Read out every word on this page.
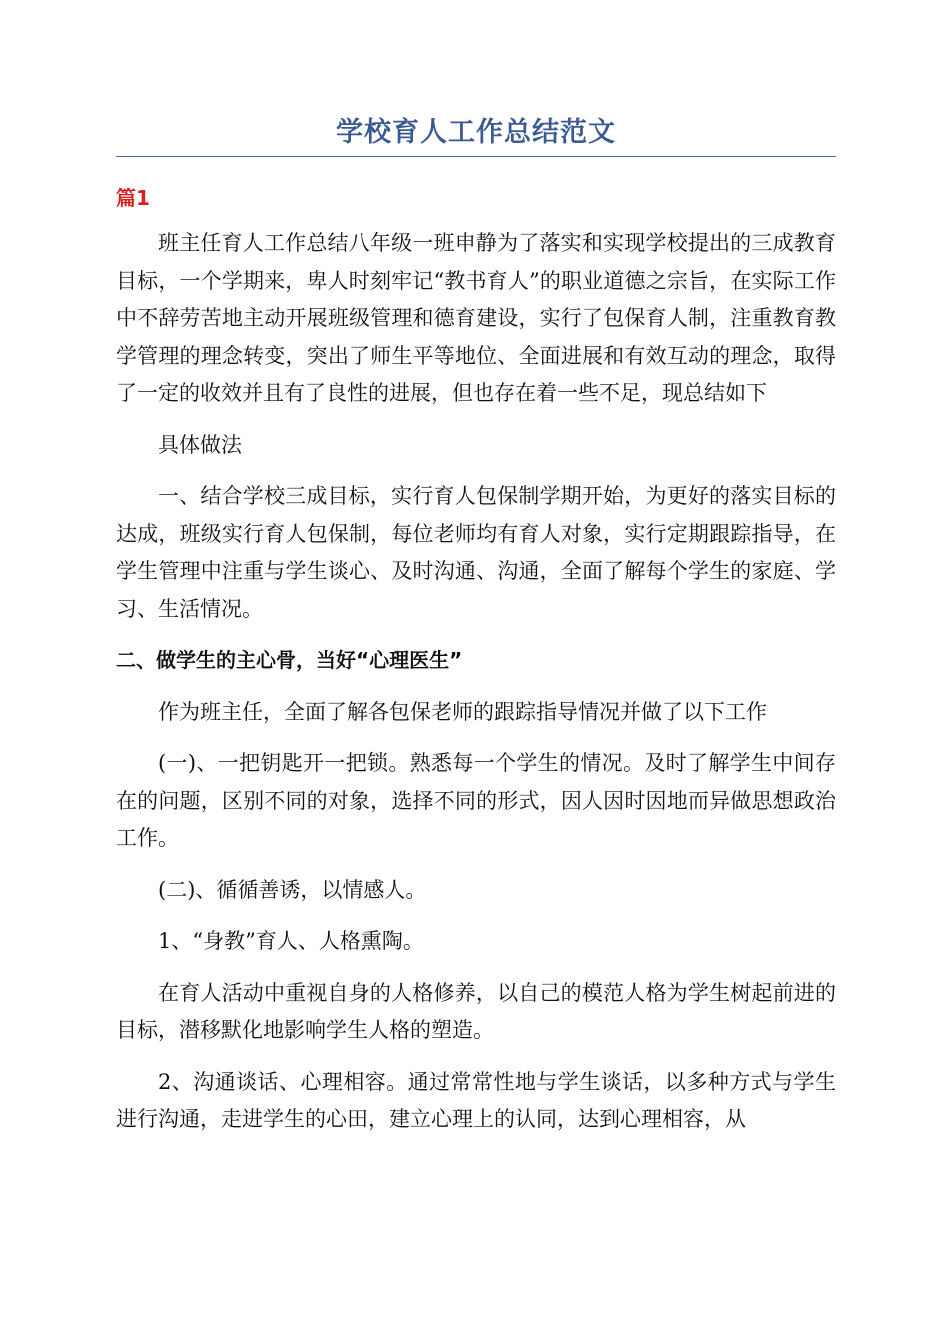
学校育人工作总结范文
篇1

班主任育人工作总结八年级一班申静为了落实和实现学校提出的三成教育目标，一个学期来，卑人时刻牢记“教书育人”的职业道德之宗旨，在实际工作中不辞劳苦地主动开展班级管理和德育建设，实行了包保育人制，注重教育教学管理的理念转变，突出了师生平等地位、全面进展和有效互动的理念，取得了一定的收效并且有了良性的进展，但也存在着一些不足，现总结如下

具体做法

一、结合学校三成目标，实行育人包保制学期开始，为更好的落实目标的达成，班级实行育人包保制，每位老师均有育人对象，实行定期跟踪指导，在学生管理中注重与学生谈心、及时沟通、沟通，全面了解每个学生的家庭、学习、生活情况。

二、做学生的主心骨，当好“心理医生”

作为班主任，全面了解各包保老师的跟踪指导情况并做了以下工作

(一)、一把钥匙开一把锁。熟悉每一个学生的情况。及时了解学生中间存在的问题，区别不同的对象，选择不同的形式，因人因时因地而异做思想政治工作。

(二)、循循善诱，以情感人。

1、“身教”育人、人格熏陶。

在育人活动中重视自身的人格修养，以自己的模范人格为学生树起前进的目标，潜移默化地影响学生人格的塑造。

2、沟通谈话、心理相容。通过常常性地与学生谈话，以多种方式与学生进行沟通，走进学生的心田，建立心理上的认同，达到心理相容，从
